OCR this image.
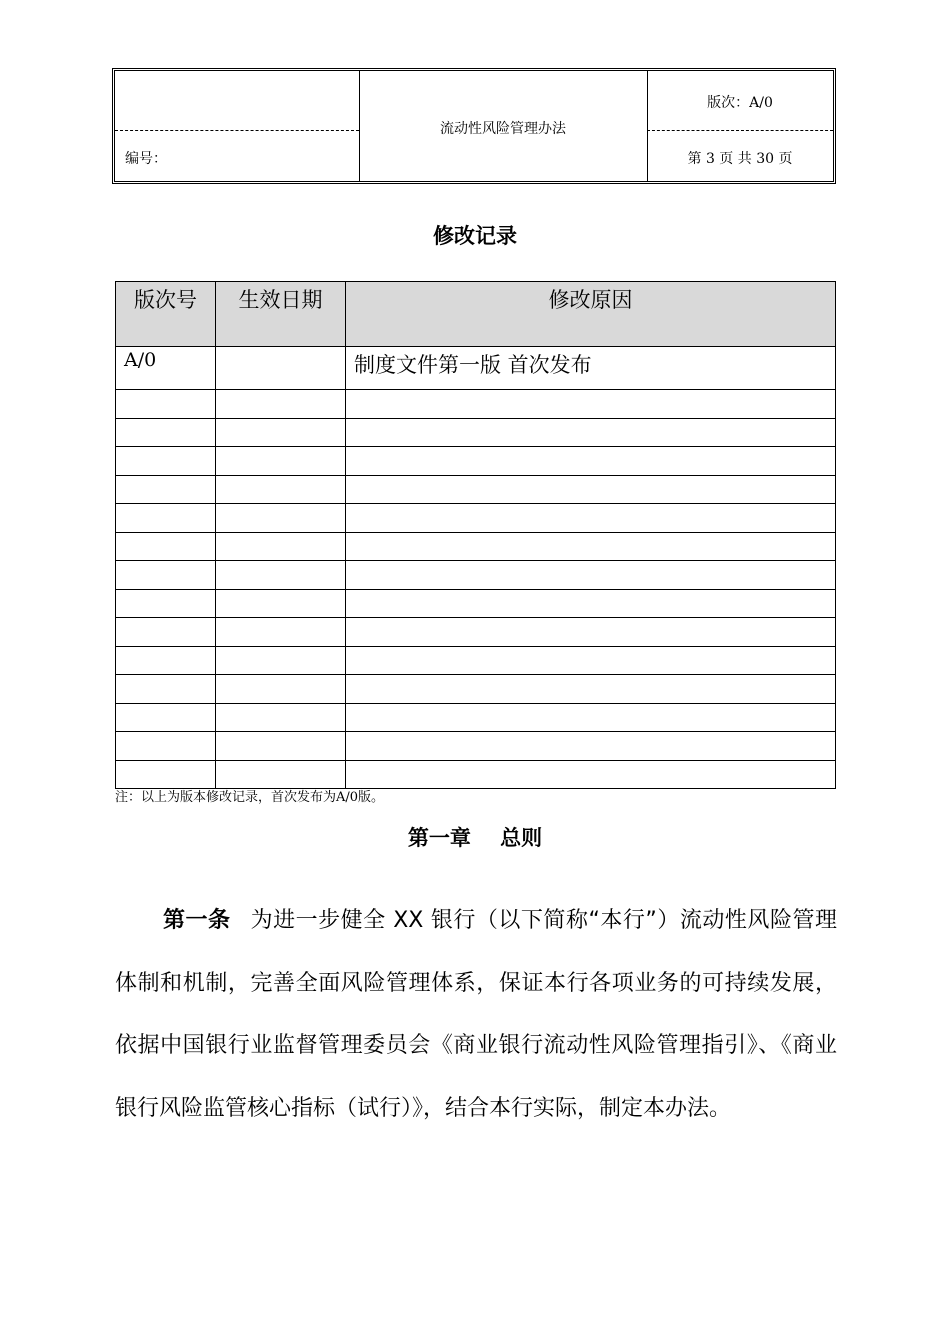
编号：
流动性风险管理办法
版次：A/0
第 3 页 共 30 页
修改记录
版次号	生效日期	修改原因
A/0		制度文件第一版 首次发布

注：以上为版本修改记录，首次发布为A/0版。
第一章    总则
第一条 为进一步健全 XX 银行（以下简称“本行”）流动性风险管理体制和机制，完善全面风险管理体系，保证本行各项业务的可持续发展，依据中国银行业监督管理委员会《商业银行流动性风险管理指引》、《商业银行风险监管核心指标（试行）》，结合本行实际，制定本办法。
